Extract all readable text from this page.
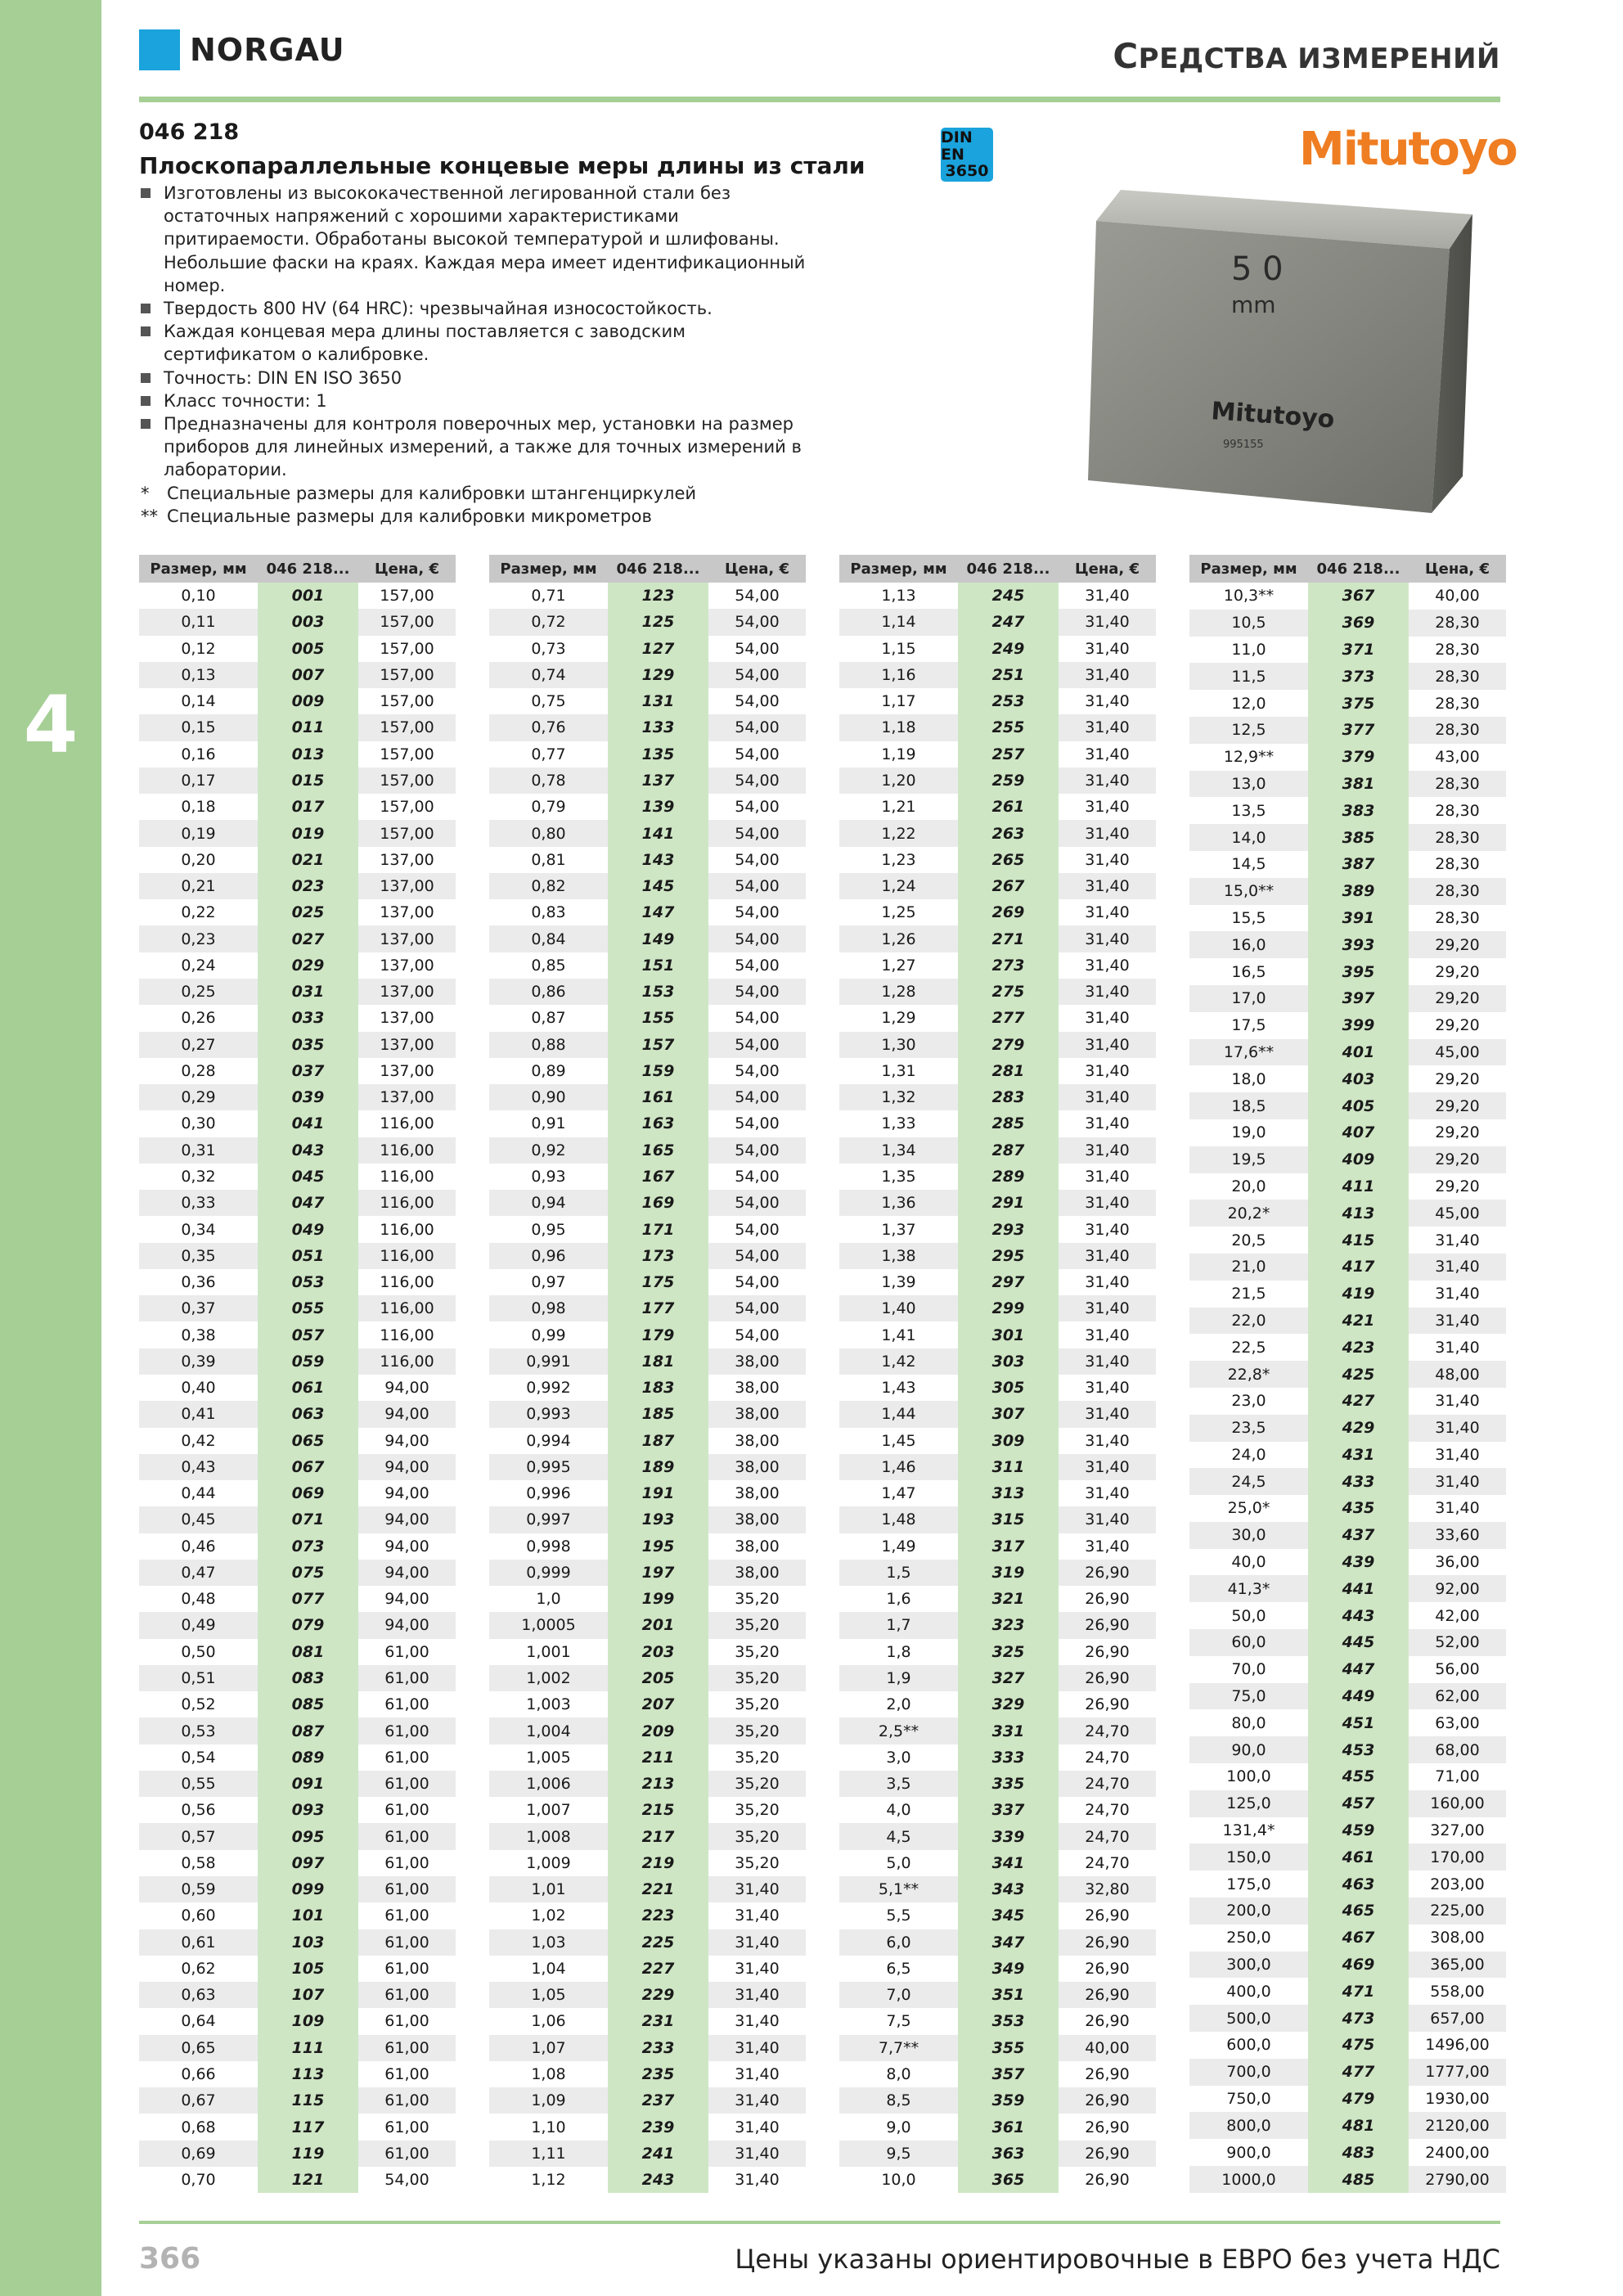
4
NORGAU	СРЕДСТВА ИЗМЕРЕНИЙ
046 218
Плоскопараллельные концевые меры длины из стали
Изготовлены из высококачественной легированной стали без остаточных напряжений с хорошими характеристиками притираемости. Обработаны высокой температурой и шлифованы. Небольшие фаски на краях. Каждая мера имеет идентификационный номер.
Твердость 800 HV (64 HRC): чрезвычайная износостойкость.
Каждая концевая мера длины поставляется с заводским сертификатом о калибровке.
Точность: DIN EN ISO 3650
Класс точности: 1
Предназначены для контроля поверочных мер, установки на размер приборов для линейных измерений, а также для точных измерений в лаборатории.
*	Специальные размеры для калибровки штангенциркулей
** Специальные размеры для калибровки микрометров
DIN EN
3650	Mitutoyo
5 0
mm
Mitutoyo
995155
Размер, мм	046 218...	Цена, €
0,10	001	157,00
0,11	003	157,00
0,12	005	157,00
0,13	007	157,00
0,14	009	157,00
0,15	011	157,00
0,16	013	157,00
0,17	015	157,00
0,18	017	157,00
0,19	019	157,00
0,20	021	137,00
0,21	023	137,00
0,22	025	137,00
0,23	027	137,00
0,24	029	137,00
0,25	031	137,00
0,26	033	137,00
0,27	035	137,00
0,28	037	137,00
0,29	039	137,00
0,30	041	116,00
0,31	043	116,00
0,32	045	116,00
0,33	047	116,00
0,34	049	116,00
0,35	051	116,00
0,36	053	116,00
0,37	055	116,00
0,38	057	116,00
0,39	059	116,00
0,40	061	94,00
0,41	063	94,00
0,42	065	94,00
0,43	067	94,00
0,44	069	94,00
0,45	071	94,00
0,46	073	94,00
0,47	075	94,00
0,48	077	94,00
0,49	079	94,00
0,50	081	61,00
0,51	083	61,00
0,52	085	61,00
0,53	087	61,00
0,54	089	61,00
0,55	091	61,00
0,56	093	61,00
0,57	095	61,00
0,58	097	61,00
0,59	099	61,00
0,60	101	61,00
0,61	103	61,00
0,62	105	61,00
0,63	107	61,00
0,64	109	61,00
0,65	111	61,00
0,66	113	61,00
0,67	115	61,00
0,68	117	61,00
0,69	119	61,00
0,70	121	54,00
Размер, мм	046 218...	Цена, €
0,71	123	54,00
0,72	125	54,00
0,73	127	54,00
0,74	129	54,00
0,75	131	54,00
0,76	133	54,00
0,77	135	54,00
0,78	137	54,00
0,79	139	54,00
0,80	141	54,00
0,81	143	54,00
0,82	145	54,00
0,83	147	54,00
0,84	149	54,00
0,85	151	54,00
0,86	153	54,00
0,87	155	54,00
0,88	157	54,00
0,89	159	54,00
0,90	161	54,00
0,91	163	54,00
0,92	165	54,00
0,93	167	54,00
0,94	169	54,00
0,95	171	54,00
0,96	173	54,00
0,97	175	54,00
0,98	177	54,00
0,99	179	54,00
0,991	181	38,00
0,992	183	38,00
0,993	185	38,00
0,994	187	38,00
0,995	189	38,00
0,996	191	38,00
0,997	193	38,00
0,998	195	38,00
0,999	197	38,00
1,0	199	35,20
1,0005	201	35,20
1,001	203	35,20
1,002	205	35,20
1,003	207	35,20
1,004	209	35,20
1,005	211	35,20
1,006	213	35,20
1,007	215	35,20
1,008	217	35,20
1,009	219	35,20
1,01	221	31,40
1,02	223	31,40
1,03	225	31,40
1,04	227	31,40
1,05	229	31,40
1,06	231	31,40
1,07	233	31,40
1,08	235	31,40
1,09	237	31,40
1,10	239	31,40
1,11	241	31,40
1,12	243	31,40
Размер, мм	046 218...	Цена, €
1,13	245	31,40
1,14	247	31,40
1,15	249	31,40
1,16	251	31,40
1,17	253	31,40
1,18	255	31,40
1,19	257	31,40
1,20	259	31,40
1,21	261	31,40
1,22	263	31,40
1,23	265	31,40
1,24	267	31,40
1,25	269	31,40
1,26	271	31,40
1,27	273	31,40
1,28	275	31,40
1,29	277	31,40
1,30	279	31,40
1,31	281	31,40
1,32	283	31,40
1,33	285	31,40
1,34	287	31,40
1,35	289	31,40
1,36	291	31,40
1,37	293	31,40
1,38	295	31,40
1,39	297	31,40
1,40	299	31,40
1,41	301	31,40
1,42	303	31,40
1,43	305	31,40
1,44	307	31,40
1,45	309	31,40
1,46	311	31,40
1,47	313	31,40
1,48	315	31,40
1,49	317	31,40
1,5	319	26,90
1,6	321	26,90
1,7	323	26,90
1,8	325	26,90
1,9	327	26,90
2,0	329	26,90
2,5**	331	24,70
3,0	333	24,70
3,5	335	24,70
4,0	337	24,70
4,5	339	24,70
5,0	341	24,70
5,1**	343	32,80
5,5	345	26,90
6,0	347	26,90
6,5	349	26,90
7,0	351	26,90
7,5	353	26,90
7,7**	355	40,00
8,0	357	26,90
8,5	359	26,90
9,0	361	26,90
9,5	363	26,90
10,0	365	26,90
Размер, мм	046 218...	Цена, €
10,3**	367	40,00
10,5	369	28,30
11,0	371	28,30
11,5	373	28,30
12,0	375	28,30
12,5	377	28,30
12,9**	379	43,00
13,0	381	28,30
13,5	383	28,30
14,0	385	28,30
14,5	387	28,30
15,0**	389	28,30
15,5	391	28,30
16,0	393	29,20
16,5	395	29,20
17,0	397	29,20
17,5	399	29,20
17,6**	401	45,00
18,0	403	29,20
18,5	405	29,20
19,0	407	29,20
19,5	409	29,20
20,0	411	29,20
20,2*	413	45,00
20,5	415	31,40
21,0	417	31,40
21,5	419	31,40
22,0	421	31,40
22,5	423	31,40
22,8*	425	48,00
23,0	427	31,40
23,5	429	31,40
24,0	431	31,40
24,5	433	31,40
25,0*	435	31,40
30,0	437	33,60
40,0	439	36,00
41,3*	441	92,00
50,0	443	42,00
60,0	445	52,00
70,0	447	56,00
75,0	449	62,00
80,0	451	63,00
90,0	453	68,00
100,0	455	71,00
125,0	457	160,00
131,4*	459	327,00
150,0	461	170,00
175,0	463	203,00
200,0	465	225,00
250,0	467	308,00
300,0	469	365,00
400,0	471	558,00
500,0	473	657,00
600,0	475	1496,00
700,0	477	1777,00
750,0	479	1930,00
800,0	481	2120,00
900,0	483	2400,00
1000,0	485	2790,00
366	Цены указаны ориентировочные в ЕВРО без учета НДС
